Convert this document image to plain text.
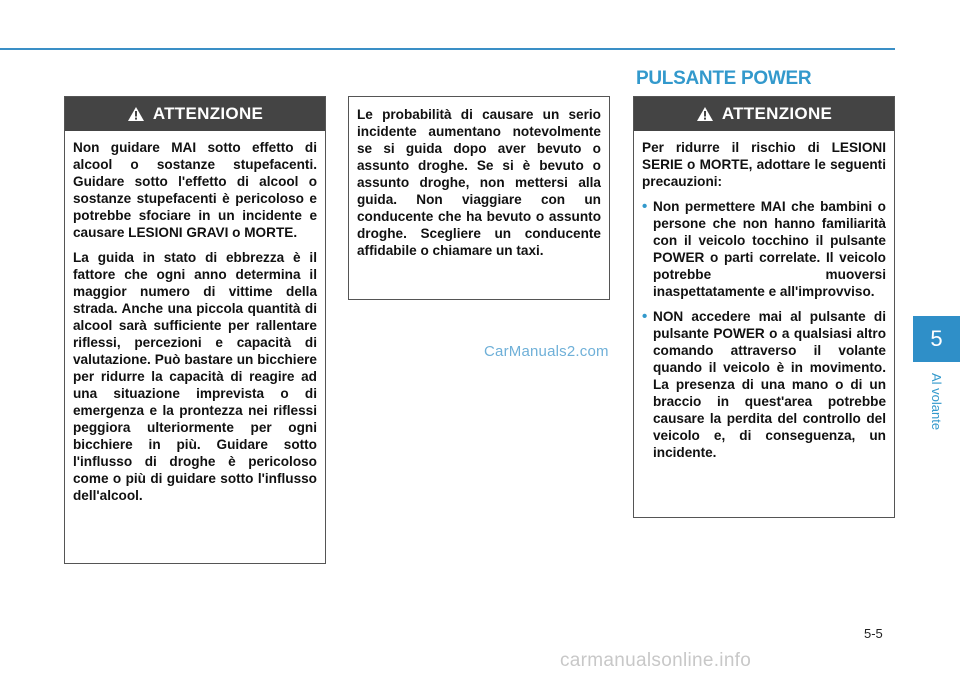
PULSANTE POWER
ATTENZIONE

Non guidare MAI sotto effetto di alcool o sostanze stupefacenti. Guidare sotto l'effetto di alcool o sostanze stupefacenti è pericoloso e potrebbe sfociare in un incidente e causare LESIONI GRAVI o MORTE.

La guida in stato di ebbrezza è il fattore che ogni anno determina il maggior numero di vittime della strada. Anche una piccola quantità di alcool sarà sufficiente per rallentare riflessi, percezioni e capacità di valutazione. Può bastare un bicchiere per ridurre la capacità di reagire ad una situazione imprevista o di emergenza e la prontezza nei riflessi peggiora ulteriormente per ogni bicchiere in più. Guidare sotto l'influsso di droghe è pericoloso come o più di guidare sotto l'influsso dell'alcool.

Le probabilità di causare un serio incidente aumentano notevolmente se si guida dopo aver bevuto o assunto droghe. Se si è bevuto o assunto droghe, non mettersi alla guida. Non viaggiare con un conducente che ha bevuto o assunto droghe. Scegliere un conducente affidabile o chiamare un taxi.

ATTENZIONE

Per ridurre il rischio di LESIONI SERIE o MORTE, adottare le seguenti precauzioni:

• Non permettere MAI che bambini o persone che non hanno familiarità con il veicolo tocchino il pulsante POWER o parti correlate. Il veicolo potrebbe muoversi inaspettatamente e all'improvviso.
• NON accedere mai al pulsante di pulsante POWER o a qualsiasi altro comando attraverso il volante quando il veicolo è in movimento. La presenza di una mano o di un braccio in quest'area potrebbe causare la perdita del controllo del veicolo e, di conseguenza, un incidente.
CarManuals2.com
5
Al volante
5-5
carmanualsonline.info
